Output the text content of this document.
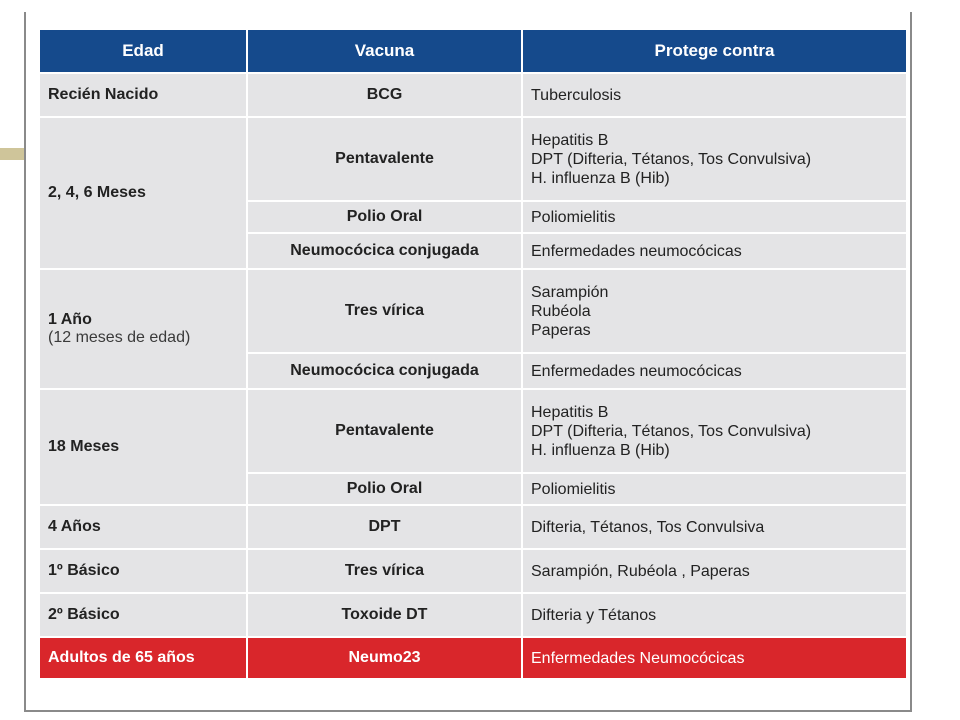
Edad	Vacuna	Protege contra
Recién Nacido	BCG	Tuberculosis
2, 4, 6 Meses	Pentavalente	Hepatitis B
DPT (Difteria, Tétanos, Tos Convulsiva)
H. influenza B (Hib)

	Polio Oral	Poliomielitis
	Neumocócica conjugada	Enfermedades neumocócicas

1 Año
(12 meses de edad)	Tres vírica	Sarampión
Rubéola
Paperas

	Neumocócica conjugada	Enfermedades neumocócicas
18 Meses	Pentavalente	Hepatitis B
DPT (Difteria, Tétanos, Tos Convulsiva)
H. influenza B (Hib)

	Polio Oral	Poliomielitis
4 Años	DPT	Difteria, Tétanos, Tos Convulsiva
1º Básico	Tres vírica	Sarampión, Rubéola , Paperas
2º Básico	Toxoide DT	Difteria y Tétanos
Adultos de 65 años	Neumo23	Enfermedades Neumocócicas
